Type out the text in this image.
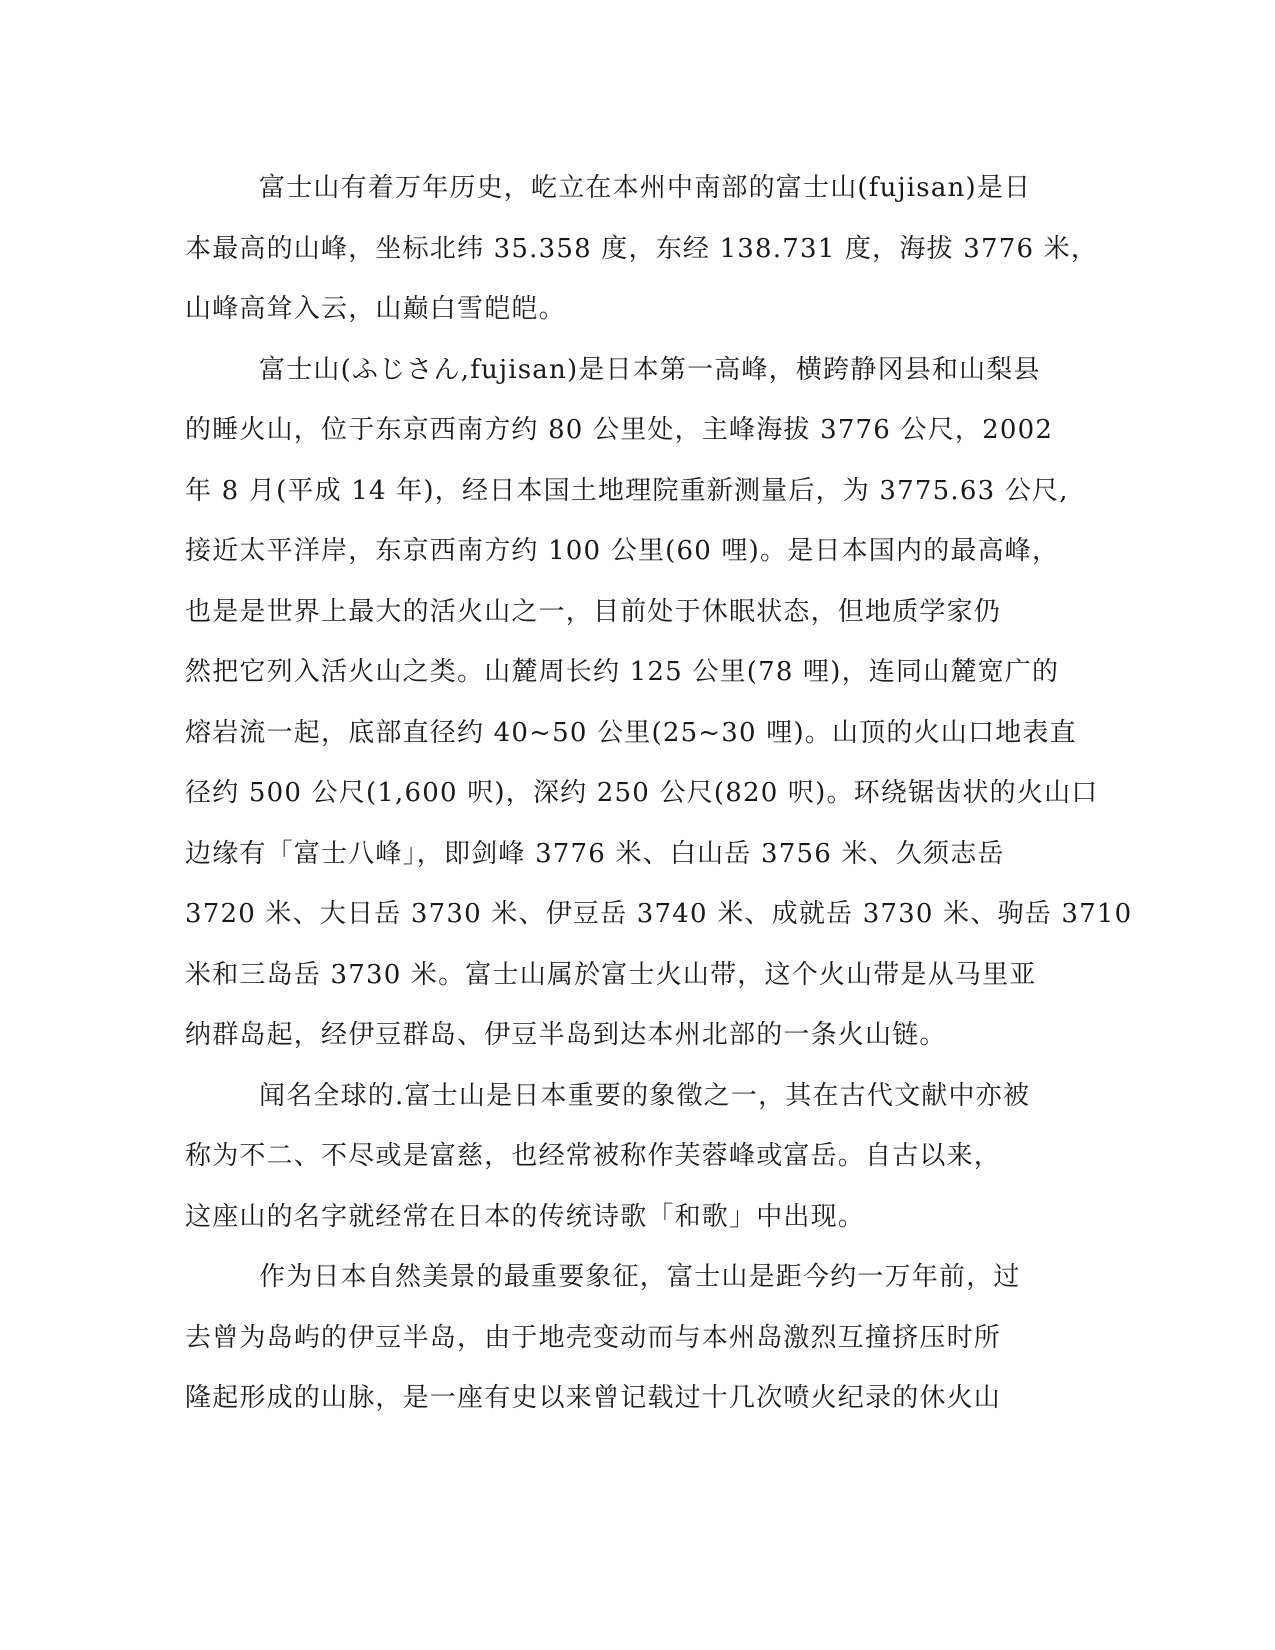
富士山有着万年历史，屹立在本州中南部的富士山(fujisan)是日
本最高的山峰，坐标北纬 35.358 度，东经 138.731 度，海拔 3776 米，
山峰高耸入云，山巅白雪皑皑。
富士山(ふじさん,fujisan)是日本第一高峰，横跨静冈县和山梨县
的睡火山，位于东京西南方约 80 公里处，主峰海拔 3776 公尺，2002
年 8 月(平成 14 年)，经日本国土地理院重新测量后，为 3775.63 公尺,
接近太平洋岸，东京西南方约 100 公里(60 哩)。是日本国内的最高峰，
也是是世界上最大的活火山之一，目前处于休眠状态，但地质学家仍
然把它列入活火山之类。山麓周长约 125 公里(78 哩)，连同山麓宽广的
熔岩流一起，底部直径约 40~50 公里(25~30 哩)。山顶的火山口地表直
径约 500 公尺(1,600 呎)，深约 250 公尺(820 呎)。环绕锯齿状的火山口
边缘有「富士八峰」，即剑峰 3776 米、白山岳 3756 米、久须志岳
3720 米、大日岳 3730 米、伊豆岳 3740 米、成就岳 3730 米、驹岳 3710
米和三岛岳 3730 米。富士山属於富士火山带，这个火山带是从马里亚
纳群岛起，经伊豆群岛、伊豆半岛到达本州北部的一条火山链。
闻名全球的.富士山是日本重要的象徵之一，其在古代文献中亦被
称为不二、不尽或是富慈，也经常被称作芙蓉峰或富岳。自古以来，
这座山的名字就经常在日本的传统诗歌「和歌」中出现。
作为日本自然美景的最重要象征，富士山是距今约一万年前，过
去曾为岛屿的伊豆半岛，由于地壳变动而与本州岛激烈互撞挤压时所
隆起形成的山脉，是一座有史以来曾记载过十几次喷火纪录的休火山
